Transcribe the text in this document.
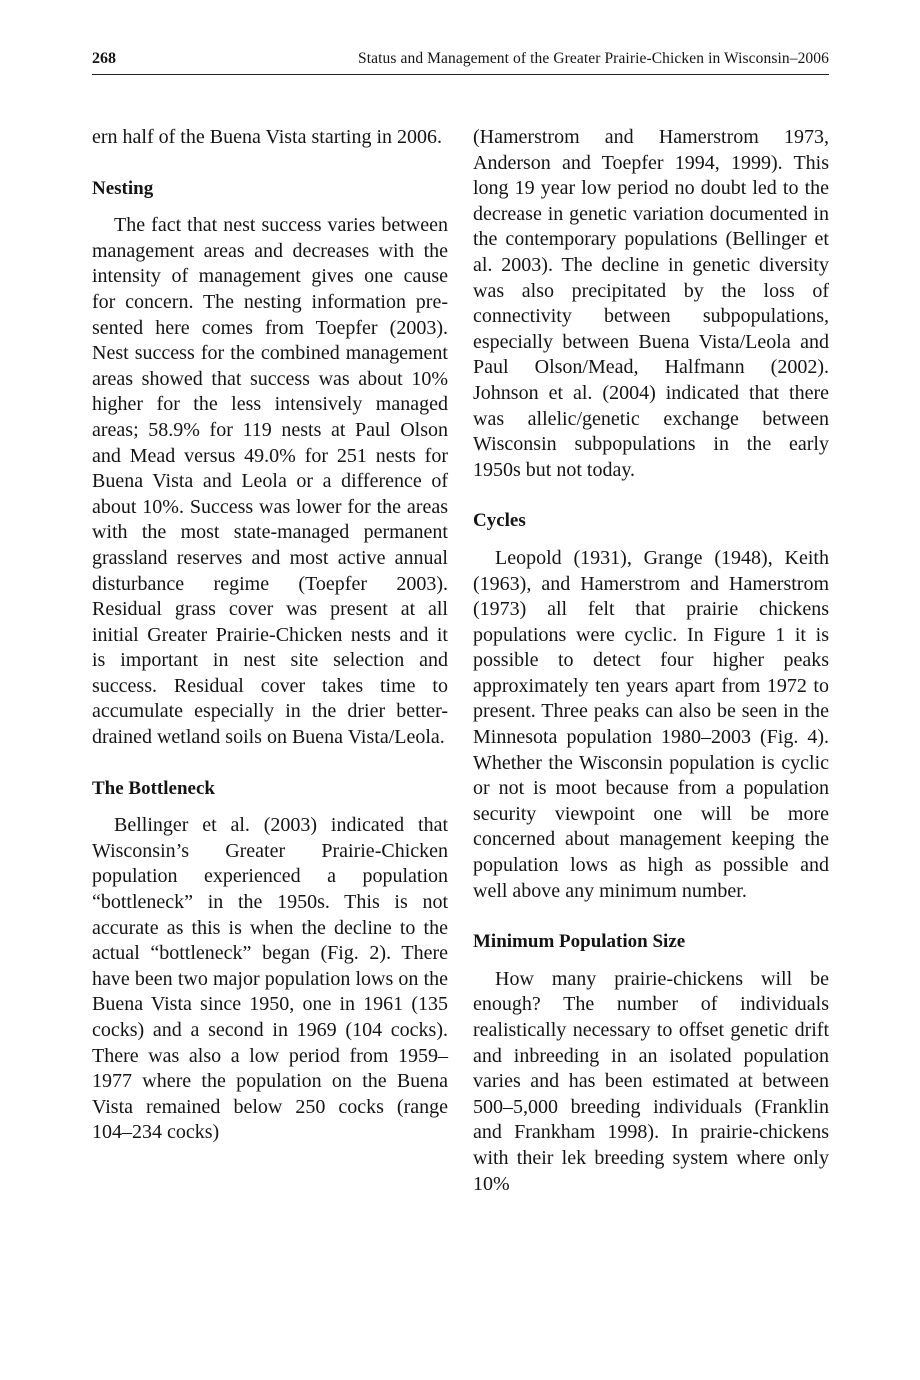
268	Status and Management of the Greater Prairie-Chicken in Wisconsin–2006

ern half of the Buena Vista starting in 2006.

Nesting

The fact that nest success varies between management areas and decreases with the intensity of management gives one cause for concern. The nesting information presented here comes from Toepfer (2003). Nest success for the combined management areas showed that success was about 10% higher for the less intensively managed areas; 58.9% for 119 nests at Paul Olson and Mead versus 49.0% for 251 nests for Buena Vista and Leola or a difference of about 10%. Success was lower for the areas with the most state-managed permanent grassland reserves and most active annual disturbance regime (Toepfer 2003). Residual grass cover was present at all initial Greater Prairie-Chicken nests and it is important in nest site selection and success. Residual cover takes time to accumulate especially in the drier better-drained wetland soils on Buena Vista/Leola.

The Bottleneck

Bellinger et al. (2003) indicated that Wisconsin’s Greater Prairie-Chicken population experienced a population “bottleneck” in the 1950s. This is not accurate as this is when the decline to the actual “bottleneck” began (Fig. 2). There have been two major population lows on the Buena Vista since 1950, one in 1961 (135 cocks) and a second in 1969 (104 cocks). There was also a low period from 1959–1977 where the population on the Buena Vista remained below 250 cocks (range 104–234 cocks)

(Hamerstrom and Hamerstrom 1973, Anderson and Toepfer 1994, 1999). This long 19 year low period no doubt led to the decrease in genetic variation documented in the contemporary populations (Bellinger et al. 2003). The decline in genetic diversity was also precipitated by the loss of connectivity between subpopulations, especially between Buena Vista/Leola and Paul Olson/Mead, Halfmann (2002). Johnson et al. (2004) indicated that there was allelic/genetic exchange between Wisconsin subpopulations in the early 1950s but not today.

Cycles

Leopold (1931), Grange (1948), Keith (1963), and Hamerstrom and Hamerstrom (1973) all felt that prairie chickens populations were cyclic. In Figure 1 it is possible to detect four higher peaks approximately ten years apart from 1972 to present. Three peaks can also be seen in the Minnesota population 1980–2003 (Fig. 4). Whether the Wisconsin population is cyclic or not is moot because from a population security viewpoint one will be more concerned about management keeping the population lows as high as possible and well above any minimum number.

Minimum Population Size

How many prairie-chickens will be enough? The number of individuals realistically necessary to offset genetic drift and inbreeding in an isolated population varies and has been estimated at between 500–5,000 breeding individuals (Franklin and Frankham 1998). In prairie-chickens with their lek breeding system where only 10%
